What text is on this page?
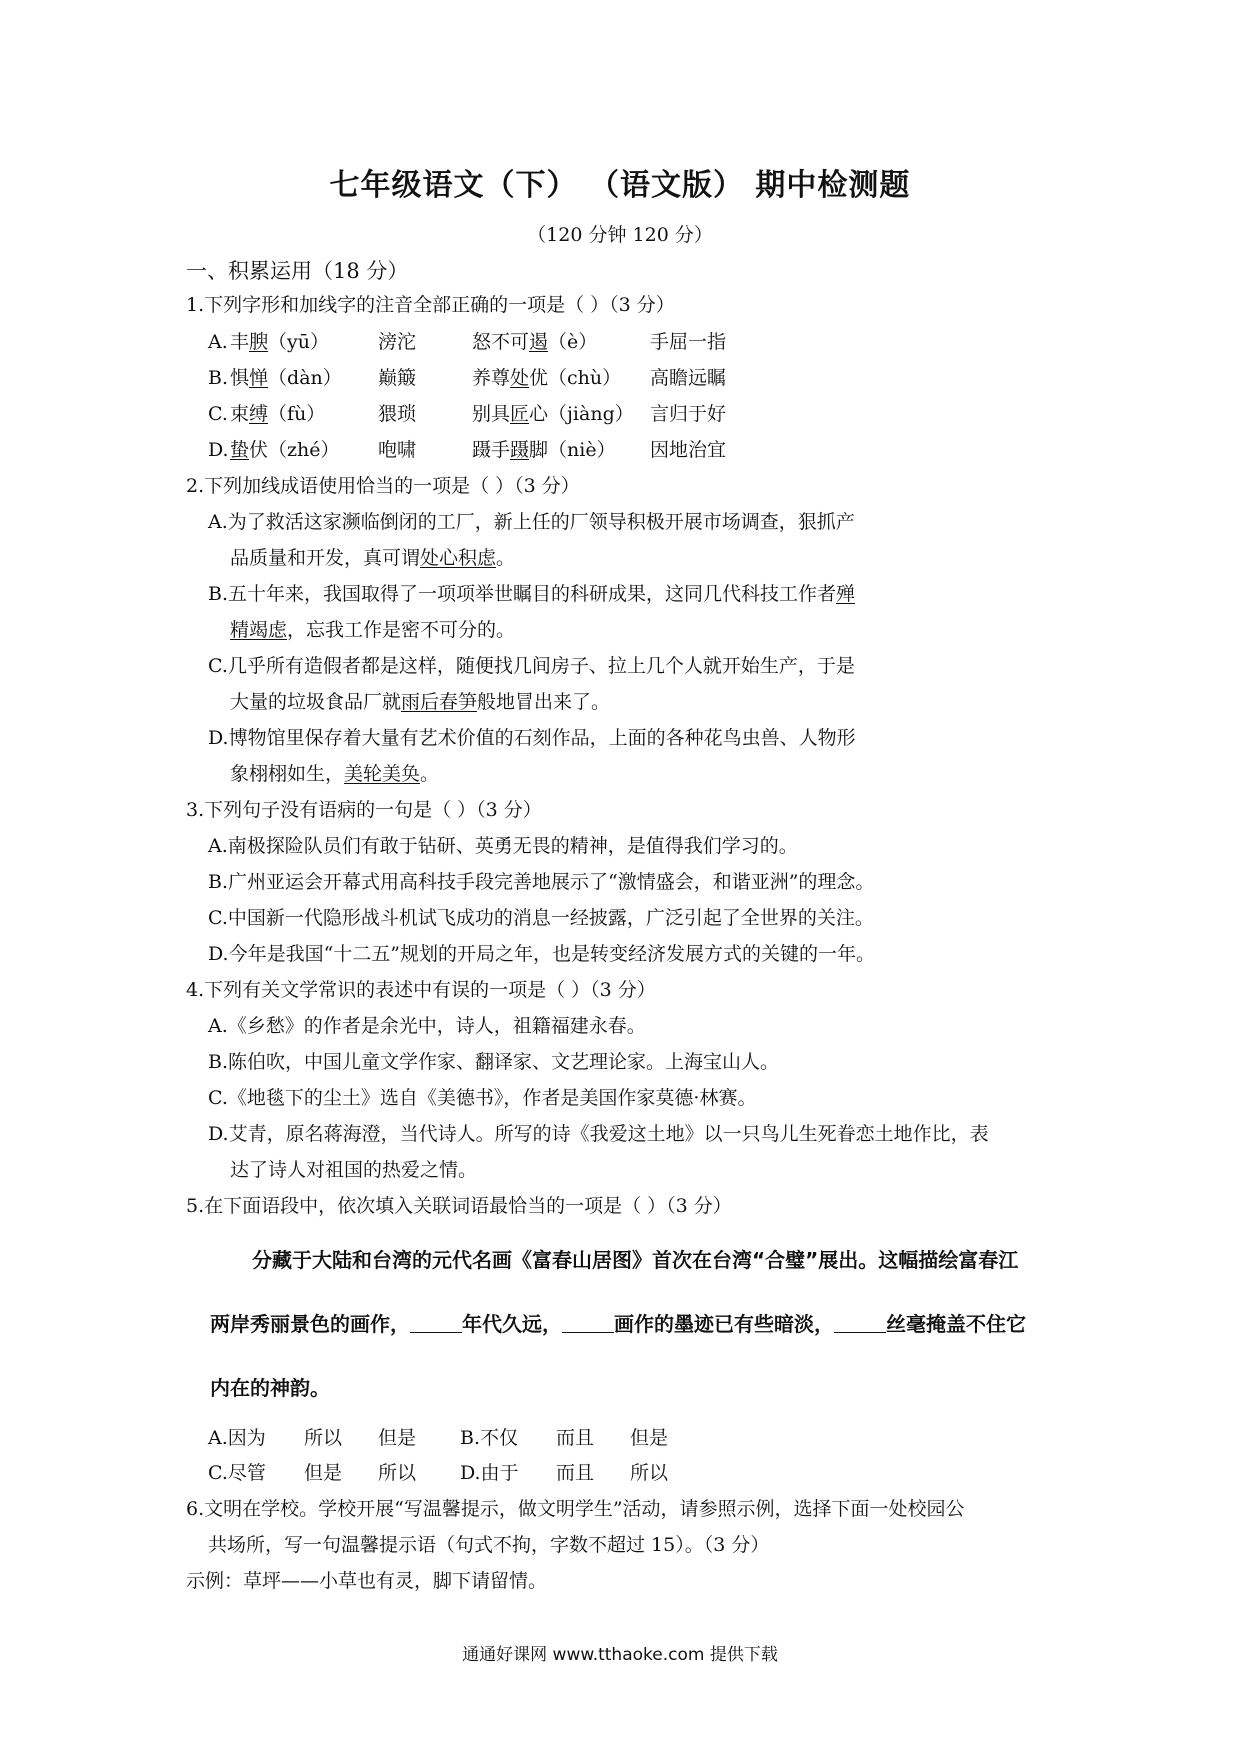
七年级语文（下） （语文版） 期中检测题
（120 分钟 120 分）
一、积累运用（18 分）
1.下列字形和加线字的注音全部正确的一项是（ ）（3 分）
A. 丰腴（yū）	滂沱	怒不可遏（è）	手屈一指
B. 惧惮（dàn） 巅簸	养尊处优（chù） 高瞻远瞩
C. 束缚（fù）	猥琐	别具匠心（jiàng） 言归于好
D. 蛰伏（zhé） 咆啸	蹑手蹑脚（niè） 因地治宜
2.下列加线成语使用恰当的一项是（ ）（3 分）
A.为了救活这家濒临倒闭的工厂，新上任的厂领导积极开展市场调查，狠抓产
品质量和开发，真可谓处心积虑。
B.五十年来，我国取得了一项项举世瞩目的科研成果，这同几代科技工作者殚
精竭虑，忘我工作是密不可分的。
C.几乎所有造假者都是这样，随便找几间房子、拉上几个人就开始生产，于是
大量的垃圾食品厂就雨后春笋般地冒出来了。
D.博物馆里保存着大量有艺术价值的石刻作品，上面的各种花鸟虫兽、人物形
象栩栩如生，美轮美奂。
3.下列句子没有语病的一句是（ ）（3 分）
A.南极探险队员们有敢于钻研、英勇无畏的精神，是值得我们学习的。
B.广州亚运会开幕式用高科技手段完善地展示了“激情盛会，和谐亚洲”的理念。
C.中国新一代隐形战斗机试飞成功的消息一经披露，广泛引起了全世界的关注。
D.今年是我国“十二五”规划的开局之年，也是转变经济发展方式的关键的一年。
4.下列有关文学常识的表述中有误的一项是（ ）（3 分）
A.《乡愁》的作者是余光中，诗人，祖籍福建永春。
B.陈伯吹，中国儿童文学作家、翻译家、文艺理论家。上海宝山人。
C.《地毯下的尘土》选自《美德书》，作者是美国作家莫德·林赛。
D.艾青，原名蒋海澄，当代诗人。所写的诗《我爱这土地》以一只鸟儿生死眷恋土地作比，表
达了诗人对祖国的热爱之情。
5.在下面语段中，依次填入关联词语最恰当的一项是（ ）（3 分）
分藏于大陆和台湾的元代名画《富春山居图》首次在台湾“合璧”展出。这幅描绘富春江
两岸秀丽景色的画作，	年代久远，	画作的墨迹已有些暗淡，	丝毫掩盖不住它
内在的神韵。
A.因为 所以 但是 B.不仅 而且 但是
C.尽管 但是 所以 D.由于 而且 所以
6.文明在学校。学校开展“写温馨提示，做文明学生”活动，请参照示例，选择下面一处校园公
共场所，写一句温馨提示语（句式不拘，字数不超过 15）。（3 分）
示例：草坪——小草也有灵，脚下请留情。
通通好课网 www.tthaoke.com 提供下载
